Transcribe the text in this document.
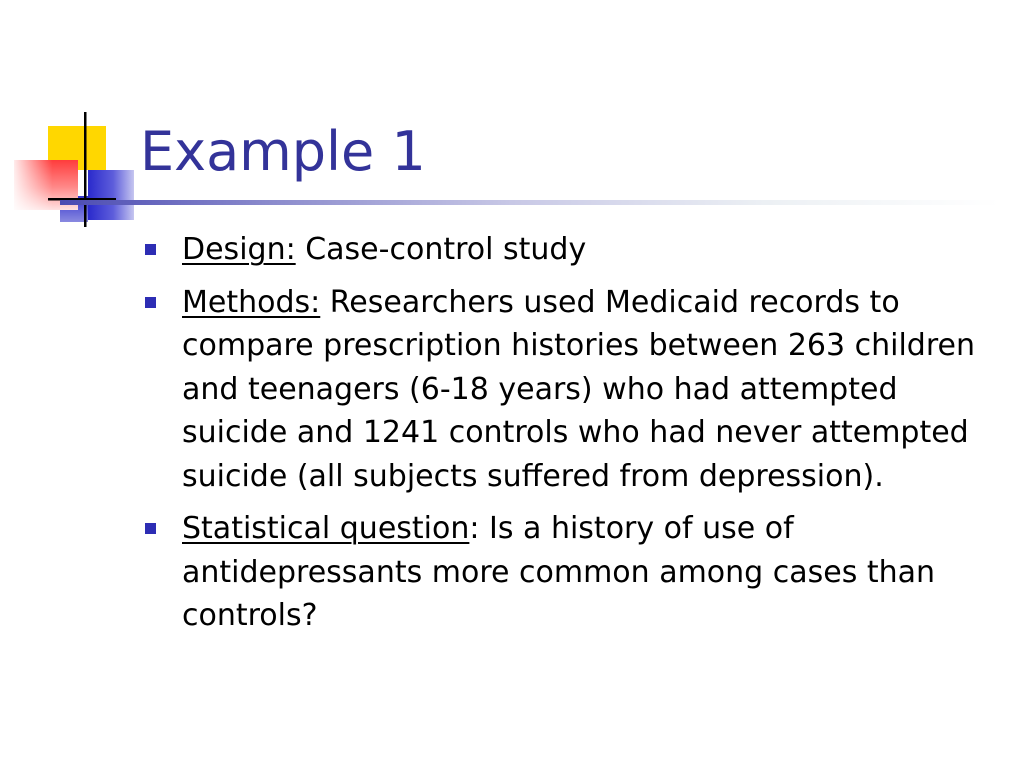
Example 1
Design: Case-control study
Methods: Researchers used Medicaid records to compare prescription histories between 263 children and teenagers (6-18 years) who had attempted suicide and 1241 controls who had never attempted suicide (all subjects suffered from depression).
Statistical question: Is a history of use of antidepressants more common among cases than controls?
